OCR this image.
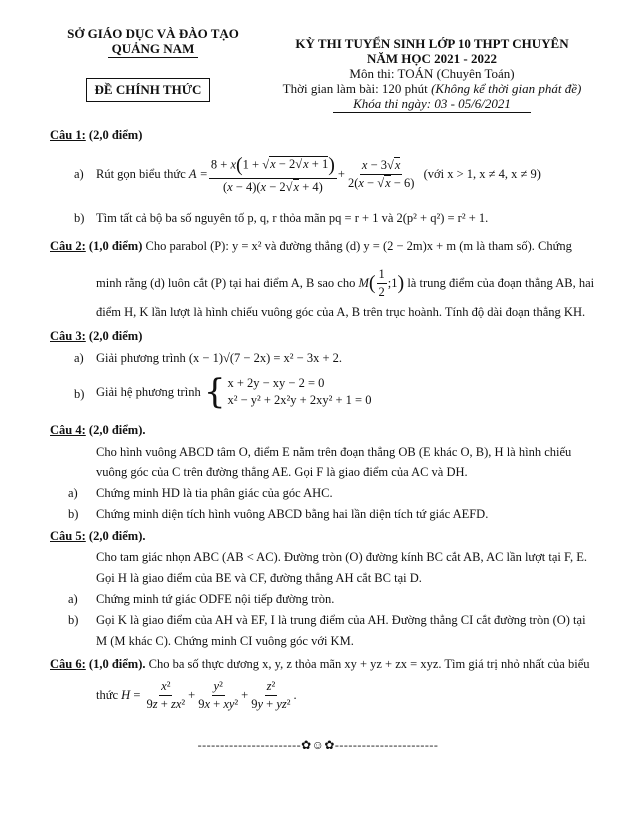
SỞ GIÁO DỤC VÀ ĐÀO TẠO
QUẢNG NAM
ĐỀ CHÍNH THỨC
KỲ THI TUYỂN SINH LỚP 10 THPT CHUYÊN
NĂM HỌC 2021 - 2022
Môn thi: TOÁN (Chuyên Toán)
Thời gian làm bài: 120 phút (Không kể thời gian phát đề)
Khóa thi ngày: 03 - 05/6/2021
Câu 1: (2,0 điểm)
a) Rút gọn biểu thức
$A = \frac{8 + x(1 + √x - 2√x + 1)}{(x - 4)(x - 2√x + 4)} + \frac{x - 3√x}{2(x - √x - 6)}$
(với x > 1, x ≠ 4, x ≠ 9)
b) Tìm tất cả bộ ba số nguyên tố p, q, r thỏa mãn pq = r + 1 và 2(p² + q²) = r² + 1.
Câu 2: (1,0 điểm) Cho parabol (P): y = x² và đường thẳng (d) y = (2 − 2m)x + m (m là tham số). Chứng
minh rằng (d) luôn cắt (P) tại hai điểm A, B sao cho
M ( $\frac{1}{2}$ ;1 )
là trung điểm của đoạn thẳng AB, hai
điểm H, K lần lượt là hình chiếu vuông góc của A, B trên trục hoành. Tính độ dài đoạn thẳng KH.
Câu 3: (2,0 điểm)
a) Giải phương trình (x − 1)√(7 − 2x) = x² − 3x + 2.
b) Giải hệ phương trình
{ x + 2y − xy − 2 = 0
x² − y² + 2x²y + 2xy² + 1 = 0
Câu 4: (2,0 điểm).
Cho hình vuông ABCD tâm O, điểm E nằm trên đoạn thẳng OB (E khác O, B), H là hình chiếu
vuông góc của C trên đường thẳng AE. Gọi F là giao điểm của AC và DH.
a) Chứng minh HD là tia phân giác của góc AHC.
b) Chứng minh diện tích hình vuông ABCD bằng hai lần diện tích tứ giác AEFD.
Câu 5: (2,0 điểm).
Cho tam giác nhọn ABC (AB < AC). Đường tròn (O) đường kính BC cắt AB, AC lần lượt tại F, E.
Gọi H là giao điểm của BE và CF, đường thẳng AH cắt BC tại D.
a) Chứng minh tứ giác ODFE nội tiếp đường tròn.
b) Gọi K là giao điểm của AH và EF, I là trung điểm của AH. Đường thẳng CI cắt đường tròn (O) tại
M (M khác C). Chứng minh CI vuông góc với KM.
Câu 6: (1,0 điểm). Cho ba số thực dương x, y, z thỏa mãn xy + yz + zx = xyz. Tìm giá trị nhỏ nhất của biểu
thức
$H = \frac{\text{x²}}{\text{9z + zx²}} + \frac{\text{y²}}{\text{9x + xy²}} + \frac{\text{z²}}{\text{9y + yz²}}$ .
-----------------------✿☺✿-----------------------
